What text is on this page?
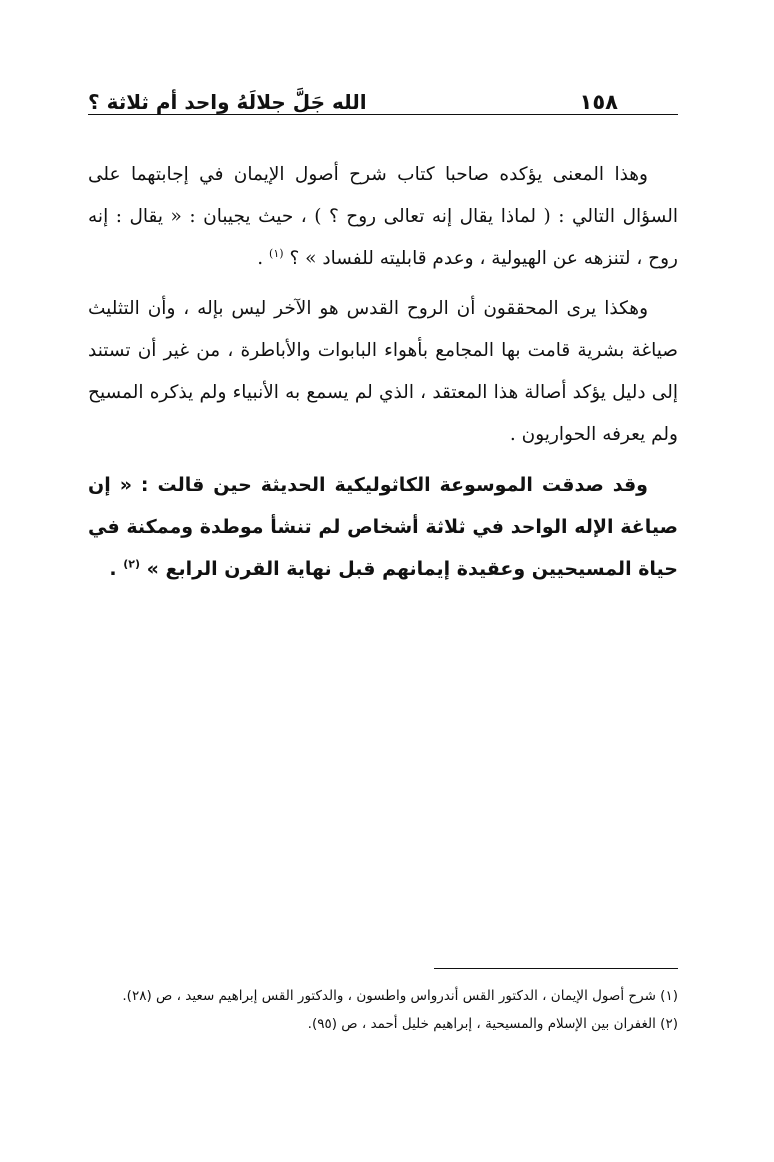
الله جَلَّ جلالَهُ واحد أم ثلاثة ؟	١٥٨

وهذا المعنى يؤكده صاحبا كتاب شرح أصول الإيمان في إجابتهما على السؤال التالي : ( لماذا يقال إنه تعالى روح ؟ ) ، حيث يجيبان : « يقال : إنه روح ، لتنزهه عن الهيولية ، وعدم قابليته للفساد » ؟ $^{(١)}$ .

وهكذا يرى المحققون أن الروح القدس هو الآخر ليس بإله ، وأن التثليث صياغة بشرية قامت بها المجامع بأهواء البابوات والأباطرة ، من غير أن تستند إلى دليل يؤكد أصالة هذا المعتقد ، الذي لم يسمع به الأنبياء ولم يذكره المسيح ولم يعرفه الحواريون .

وقد صدقت الموسوعة الكاثوليكية الحديثة حين قالت : « إن صياغة الإله الواحد في ثلاثة أشخاص لم تنشأ موطدة وممكنة في حياة المسيحيين وعقيدة إيمانهم قبل نهاية القرن الرابع » $^{(٢)}$ .

(١) شرح أصول الإيمان ، الدكتور القس أندرواس واطسون ، والدكتور القس إبراهيم سعيد ، ص (٢٨).

(٢) الغفران بين الإسلام والمسيحية ، إبراهيم خليل أحمد ، ص (٩٥).
